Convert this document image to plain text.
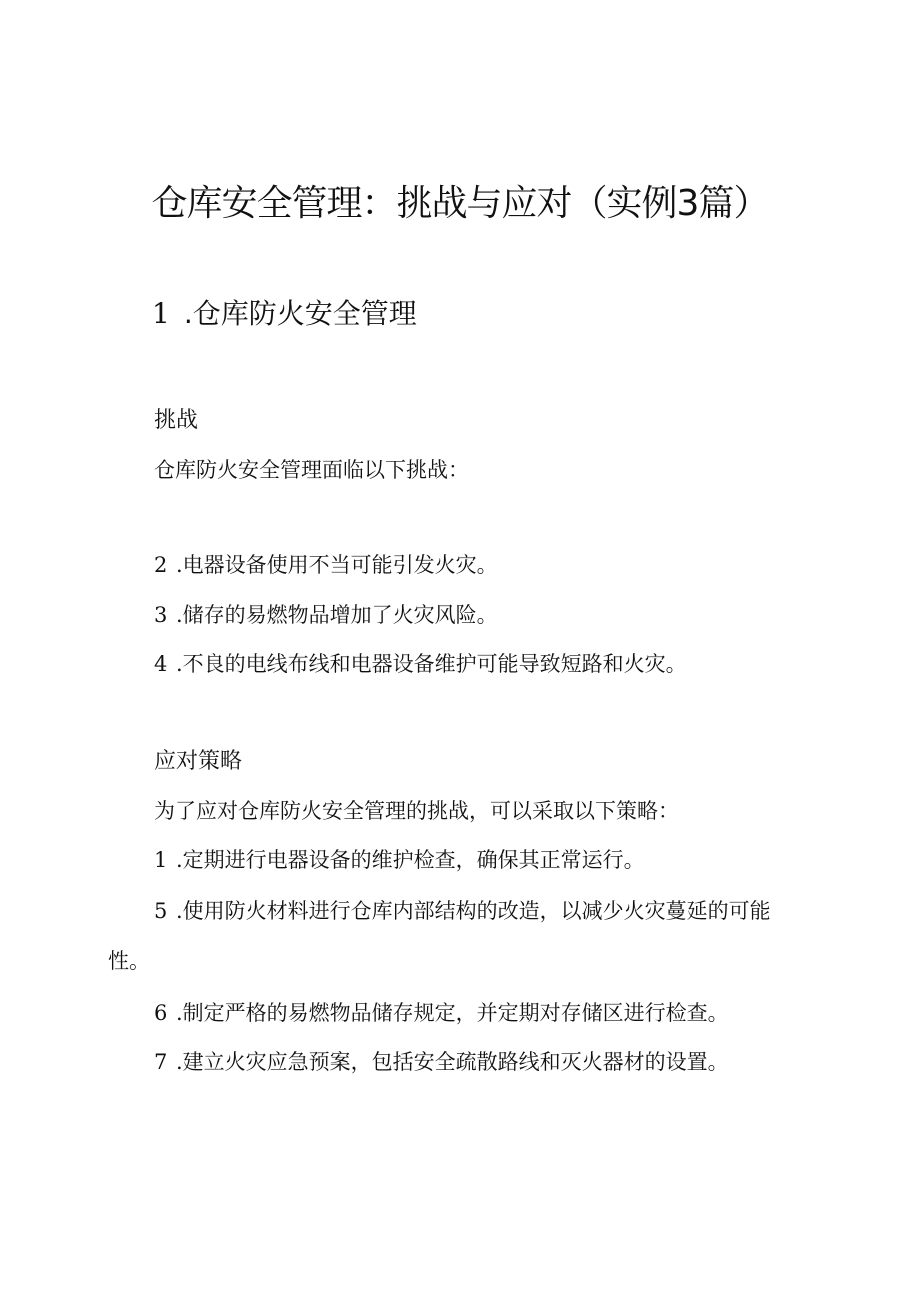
仓库安全管理：挑战与应对（实例3篇）
1 .仓库防火安全管理
挑战
仓库防火安全管理面临以下挑战：
2 .电器设备使用不当可能引发火灾。
3 .储存的易燃物品增加了火灾风险。
4 .不良的电线布线和电器设备维护可能导致短路和火灾。
应对策略
为了应对仓库防火安全管理的挑战，可以采取以下策略：
1 .定期进行电器设备的维护检查，确保其正常运行。
5 .使用防火材料进行仓库内部结构的改造，以减少火灾蔓延的可能性。
6 .制定严格的易燃物品储存规定，并定期对存储区进行检查。
7 .建立火灾应急预案，包括安全疏散路线和灭火器材的设置。
